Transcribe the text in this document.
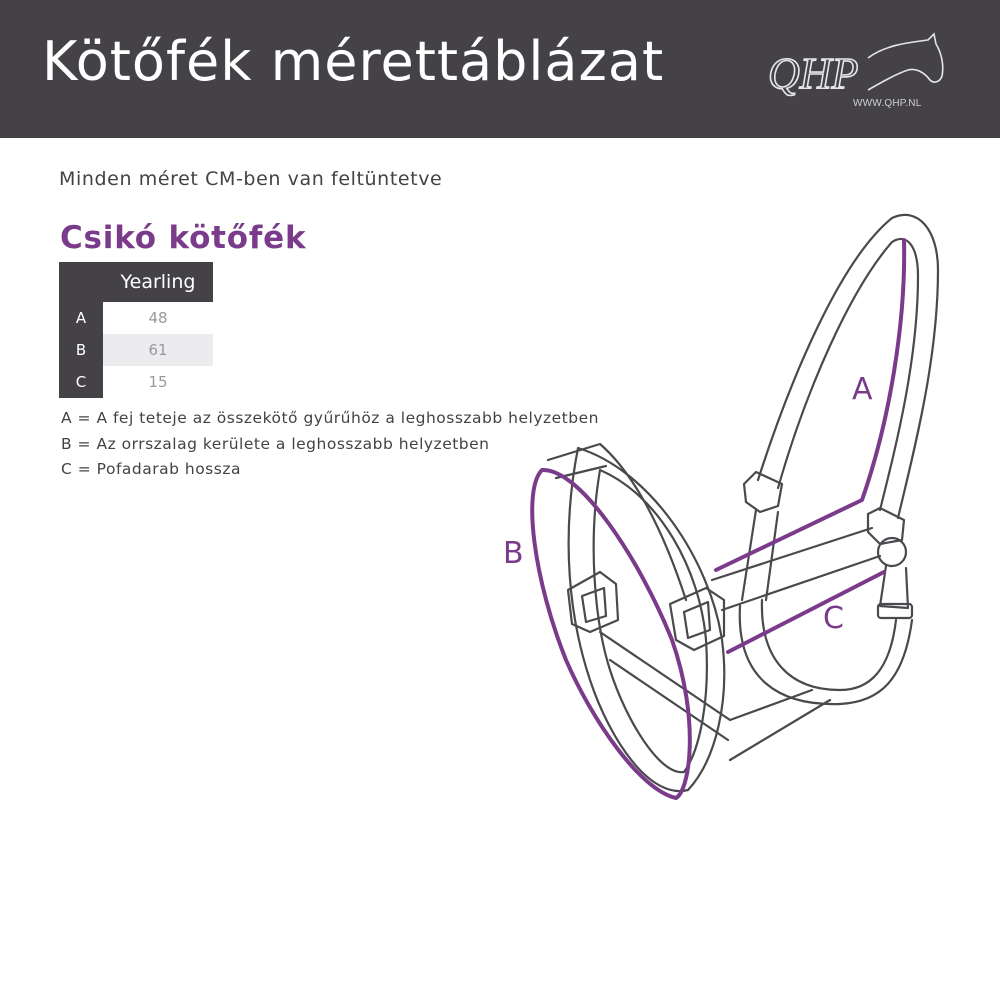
Kötőfék mérettáblázat QHP
WWW.QHP.NL
Minden méret CM-ben van feltüntetve
Csikó kötőfék
	Yearling
A	48
B	61
C	15
A = A fej teteje az összekötő gyűrűhöz a leghosszabb helyzetben
B = Az orrszalag kerülete a leghosszabb helyzetben
C = Pofadarab hossza
A
B
C
